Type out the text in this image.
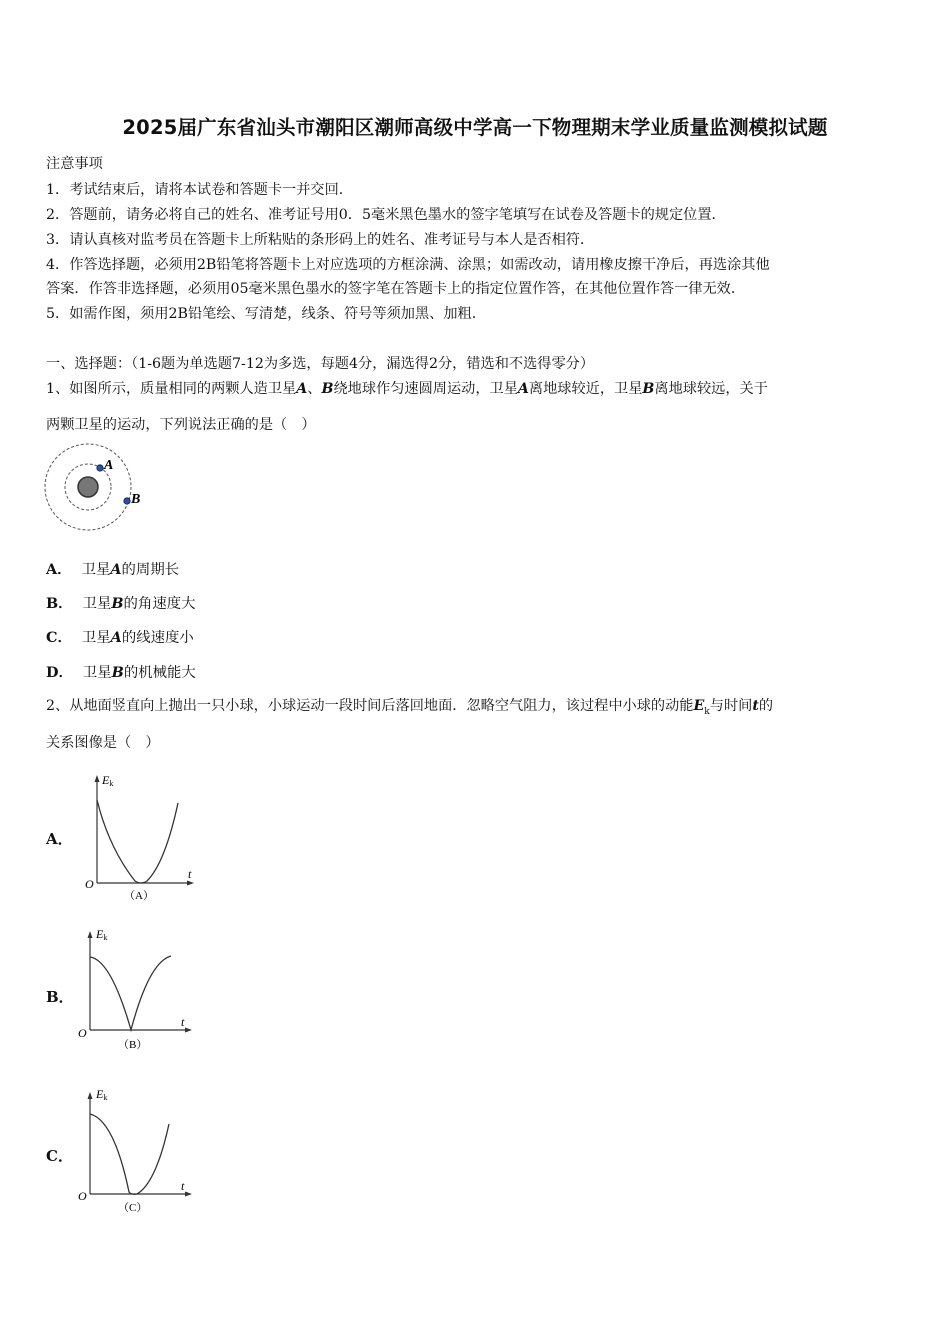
2025届广东省汕头市潮阳区潮师高级中学高一下物理期末学业质量监测模拟试题
注意事项
1．考试结束后，请将本试卷和答题卡一并交回．
2．答题前，请务必将自己的姓名、准考证号用0．5毫米黑色墨水的签字笔填写在试卷及答题卡的规定位置．
3．请认真核对监考员在答题卡上所粘贴的条形码上的姓名、准考证号与本人是否相符．
4．作答选择题，必须用2B铅笔将答题卡上对应选项的方框涂满、涂黑；如需改动，请用橡皮擦干净后，再选涂其他
答案．作答非选择题，必须用05毫米黑色墨水的签字笔在答题卡上的指定位置作答，在其他位置作答一律无效．
5．如需作图，须用2B铅笔绘、写清楚，线条、符号等须加黑、加粗．
一、选择题：（1-6题为单选题7-12为多选，每题4分，漏选得2分，错选和不选得零分）
1、如图所示，质量相同的两颗人造卫星A、B绕地球作匀速圆周运动，卫星A离地球较近，卫星B离地球较远，关于
两颗卫星的运动，下列说法正确的是（　）
A
B
A． 卫星A的周期长
B． 卫星B的角速度大
C． 卫星A的线速度小
D． 卫星B的机械能大
2、从地面竖直向上抛出一只小球，小球运动一段时间后落回地面．忽略空气阻力，该过程中小球的动能$E_k$与时间t的
关系图像是（　）
A．
Ek
t
O
（A）
B．
Ek
t
O
（B）
C．
Ek
t
O
（C）
